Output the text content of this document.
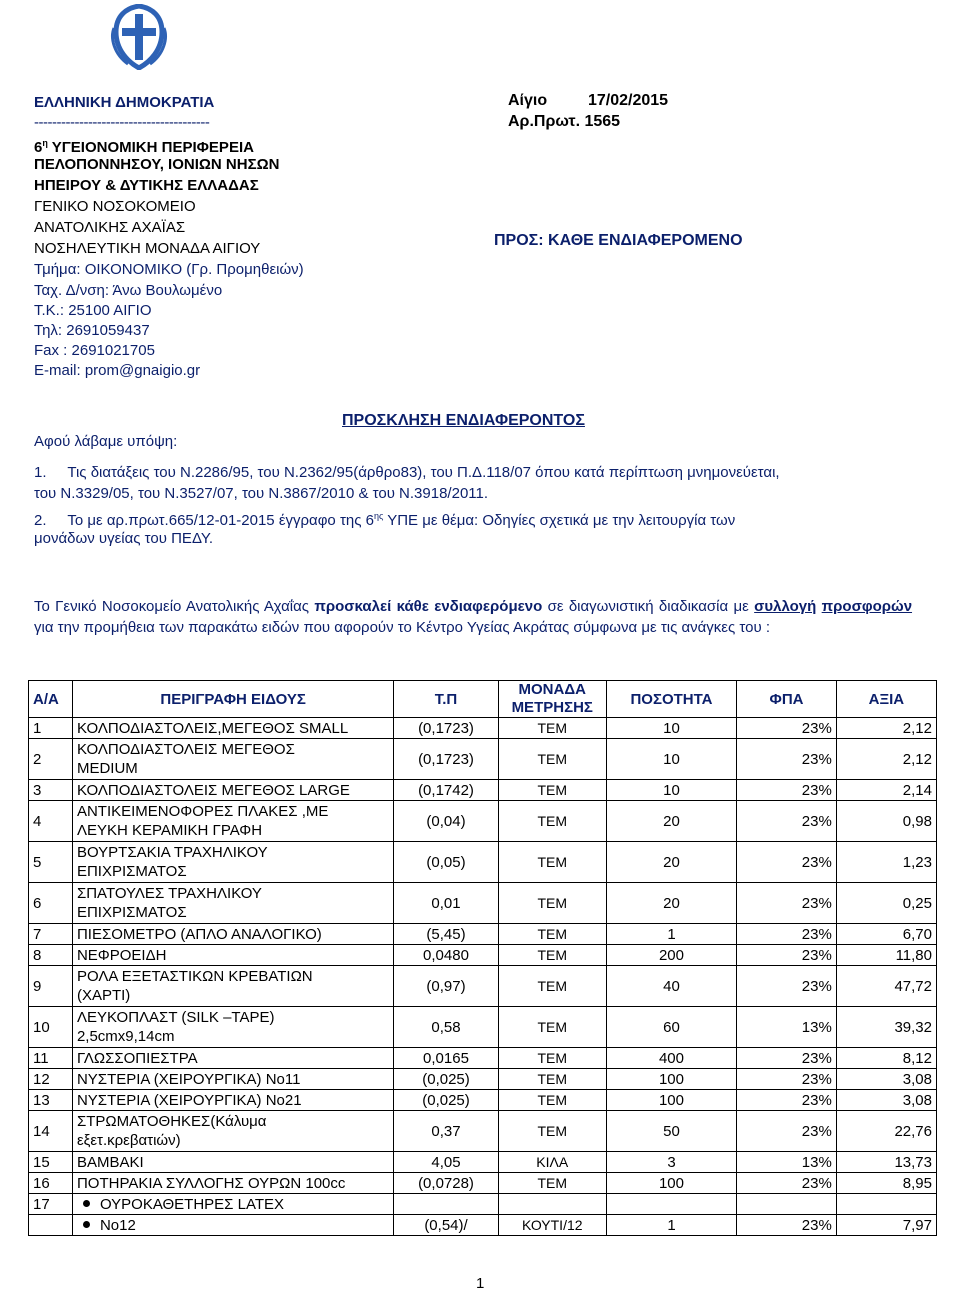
ΕΛΛΗΝΙΚΗ ΔΗΜΟΚΡΑΤΙΑ
---------------------------------------
$6^\eta$ ΥΓΕΙΟΝΟΜΙΚΗ ΠΕΡΙΦΕΡΕΙΑ
ΠΕΛΟΠΟΝΝΗΣΟΥ, ΙΟΝΙΩΝ ΝΗΣΩΝ
ΗΠΕΙΡΟΥ & ΔΥΤΙΚΗΣ ΕΛΛΑΔΑΣ
ΓΕΝΙΚΟ ΝΟΣΟΚΟΜΕΙΟ
ΑΝΑΤΟΛΙΚΗΣ ΑΧΑΪΑΣ
ΝΟΣΗΛΕΥΤΙΚΗ ΜΟΝΑΔΑ ΑΙΓΙΟΥ
Τμήμα: ΟΙΚΟΝΟΜΙΚΟ (Γρ. Προμηθειών)
Ταχ. Δ/νση: Άνω Βουλωμένο
Τ.Κ.: 25100 ΑΙΓΙΟ
Τηλ: 2691059437
Fax : 2691021705
E-mail: prom@gnaigio.gr
Αίγιο	17/02/2015
Αρ.Πρωτ. 1565
ΠΡΟΣ: ΚΑΘΕ ΕΝΔΙΑΦΕΡΟΜΕΝΟ
ΠΡΟΣΚΛΗΣΗ ΕΝΔΙΑΦΕΡΟΝΤΟΣ
Αφού λάβαμε υπόψη:
1. Τις διατάξεις του Ν.2286/95, του Ν.2362/95(άρθρο83), του Π.Δ.118/07 όπου κατά περίπτωση μνημονεύεται,
του Ν.3329/05, του Ν.3527/07, του Ν.3867/2010 & του Ν.3918/2011.
2. Το με αρ.πρωτ.665/12-01-2015 έγγραφο της $6^{\eta\varsigma}$ ΥΠΕ με θέμα: Οδηγίες σχετικά με την λειτουργία των
μονάδων υγείας του ΠΕΔΥ.
Το Γενικό Νοσοκομείο Ανατολικής Αχαΐας προσκαλεί κάθε ενδιαφερόμενο σε διαγωνιστική διαδικασία με συλλογή προσφορών για την προμήθεια των παρακάτω ειδών που αφορούν το Κέντρο Υγείας Ακράτας σύμφωνα με τις ανάγκες του :
Α/Α	ΠΕΡΙΓΡΑΦΗ ΕΙΔΟΥΣ	Τ.Π	ΜΟΝΑΔΑ
ΜΕΤΡΗΣΗΣ	ΠΟΣΟΤΗΤΑ	ΦΠΑ	ΑΞΙΑ
1	ΚΟΛΠΟΔΙΑΣΤΟΛΕΙΣ,ΜΕΓΕΘΟΣ SMALL	(0,1723)	ΤΕΜ	10	23%	2,12
2	ΚΟΛΠΟΔΙΑΣΤΟΛΕΙΣ ΜΕΓΕΘΟΣ
MEDIUM	(0,1723)	ΤΕΜ	10	23%	2,12
3	ΚΟΛΠΟΔΙΑΣΤΟΛΕΙΣ ΜΕΓΕΘΟΣ LARGE	(0,1742)	ΤΕΜ	10	23%	2,14
4	ΑΝΤΙΚΕΙΜΕΝΟΦΟΡΕΣ ΠΛΑΚΕΣ ,ΜΕ
ΛΕΥΚΗ ΚΕΡΑΜΙΚΗ ΓΡΑΦΗ	(0,04)	ΤΕΜ	20	23%	0,98
5	ΒΟΥΡΤΣΑΚΙΑ ΤΡΑΧΗΛΙΚΟΥ
ΕΠΙΧΡΙΣΜΑΤΟΣ	(0,05)	ΤΕΜ	20	23%	1,23
6	ΣΠΑΤΟΥΛΕΣ ΤΡΑΧΗΛΙΚΟΥ
ΕΠΙΧΡΙΣΜΑΤΟΣ	0,01	ΤΕΜ	20	23%	0,25
7	ΠΙΕΣΟΜΕΤΡΟ (ΑΠΛΟ ΑΝΑΛΟΓΙΚΟ)	(5,45)	ΤΕΜ	1	23%	6,70
8	ΝΕΦΡΟΕΙΔΗ	0,0480	ΤΕΜ	200	23%	11,80
9	ΡΟΛΑ ΕΞΕΤΑΣΤΙΚΩΝ ΚΡΕΒΑΤΙΩΝ
(ΧΑΡΤΙ)	(0,97)	ΤΕΜ	40	23%	47,72
10	ΛΕΥΚΟΠΛΑΣΤ (SILK –TAPE)
2,5cmx9,14cm	0,58	ΤΕΜ	60	13%	39,32
11	ΓΛΩΣΣΟΠΙΕΣΤΡΑ	0,0165	ΤΕΜ	400	23%	8,12
12	ΝΥΣΤΕΡΙΑ (ΧΕΙΡΟΥΡΓΙΚΑ) Νο11	(0,025)	ΤΕΜ	100	23%	3,08
13	ΝΥΣΤΕΡΙΑ (ΧΕΙΡΟΥΡΓΙΚΑ) Νο21	(0,025)	ΤΕΜ	100	23%	3,08
14	ΣΤΡΩΜΑΤΟΘΗΚΕΣ(Κάλυμα
εξετ.κρεβατιών)	0,37	ΤΕΜ	50	23%	22,76
15	ΒΑΜΒΑΚΙ	4,05	ΚΙΛΑ	3	13%	13,73
16	ΠΟΤΗΡΑΚΙΑ ΣΥΛΛΟΓΗΣ ΟΥΡΩΝ 100cc	(0,0728)	ΤΕΜ	100	23%	8,95
17	ΟΥΡΟΚΑΘΕΤΗΡΕΣ LATEX					
	Νο12	(0,54)/	ΚΟΥΤΙ/12	1	23%	7,97
1
